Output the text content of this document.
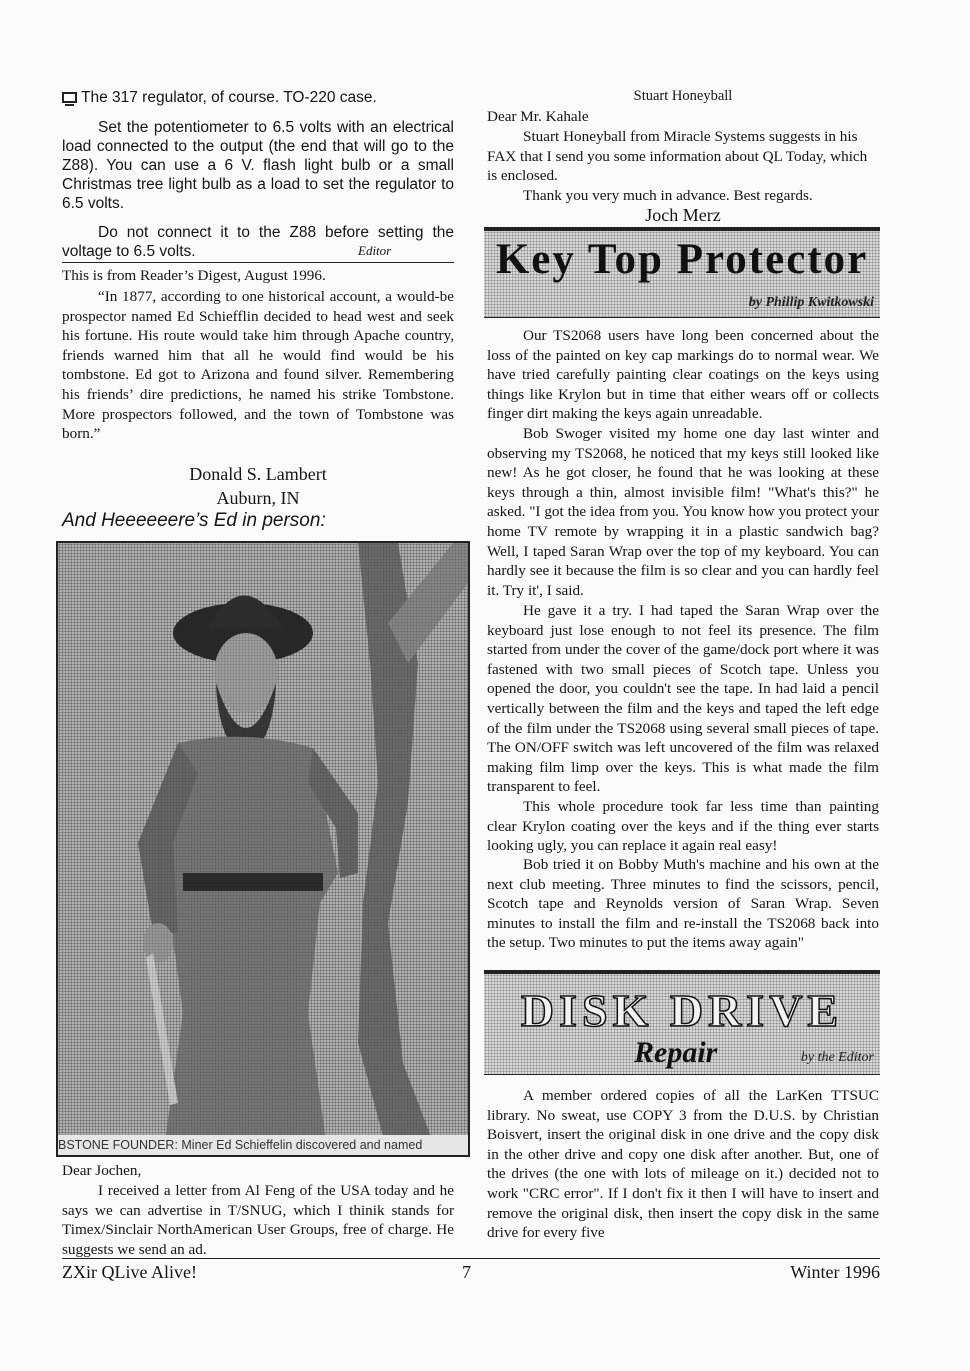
The 317 regulator, of course. TO-220 case.

Set the potentiometer to 6.5 volts with an electrical load connected to the output (the end that will go to the Z88). You can use a 6 V. flash light bulb or a small Christmas tree light bulb as a load to set the regulator to 6.5 volts.

Do not connect it to the Z88 before setting the voltage to 6.5 volts.	Editor

This is from Reader’s Digest, August 1996.

“In 1877, according to one historical account, a would-be prospector named Ed Schiefflin decided to head west and seek his fortune. His route would take him through Apache country, friends warned him that all he would find would be his tombstone. Ed got to Arizona and found silver. Remembering his friends’ dire predictions, he named his strike Tombstone. More prospectors followed, and the town of Tombstone was born.”

Donald S. Lambert
Auburn, IN
And Heeeeeere’s Ed in person:
BSTONE FOUNDER: Miner Ed Schieffelin discovered and named

Dear Jochen,

I received a letter from Al Feng of the USA today and he says we can advertise in T/SNUG, which I thinik stands for Timex/Sinclair NorthAmerican User Groups, free of charge. He suggests we send an ad.

Stuart Honeyball

Dear Mr. Kahale

Stuart Honeyball from Miracle Systems suggests in his FAX that I send you some information about QL Today, which is enclosed.

Thank you very much in advance. Best regards.

Joch Merz
Key Top Protector
by Phillip Kwitkowski

Our TS2068 users have long been concerned about the loss of the painted on key cap markings do to normal wear. We have tried carefully painting clear coatings on the keys using things like Krylon but in time that either wears off or collects finger dirt making the keys again unreadable.

Bob Swoger visited my home one day last winter and observing my TS2068, he noticed that my keys still looked like new! As he got closer, he found that he was looking at these keys through a thin, almost invisible film! "What's this?" he asked. "I got the idea from you. You know how you protect your home TV remote by wrapping it in a plastic sandwich bag? Well, I taped Saran Wrap over the top of my keyboard. You can hardly see it because the film is so clear and you can hardly feel it. Try it', I said.

He gave it a try. I had taped the Saran Wrap over the keyboard just lose enough to not feel its presence. The film started from under the cover of the game/dock port where it was fastened with two small pieces of Scotch tape. Unless you opened the door, you couldn't see the tape. In had laid a pencil vertically between the film and the keys and taped the left edge of the film under the TS2068 using several small pieces of tape. The ON/OFF switch was left uncovered of the film was relaxed making film limp over the keys. This is what made the film transparent to feel.

This whole procedure took far less time than painting clear Krylon coating over the keys and if the thing ever starts looking ugly, you can replace it again real easy!

Bob tried it on Bobby Muth's machine and his own at the next club meeting. Three minutes to find the scissors, pencil, Scotch tape and Reynolds version of Saran Wrap. Seven minutes to install the film and re-install the TS2068 back into the setup. Two minutes to put the items away again"

DISK DRIVE
Repair	by the Editor

A member ordered copies of all the LarKen TTSUC library. No sweat, use COPY 3 from the D.U.S. by Christian Boisvert, insert the original disk in one drive and the copy disk in the other drive and copy one disk after another. But, one of the drives (the one with lots of mileage on it.) decided not to work "CRC error". If I don't fix it then I will have to insert and remove the original disk, then insert the copy disk in the same drive for every five

ZXir QLive Alive!	7	Winter 1996
